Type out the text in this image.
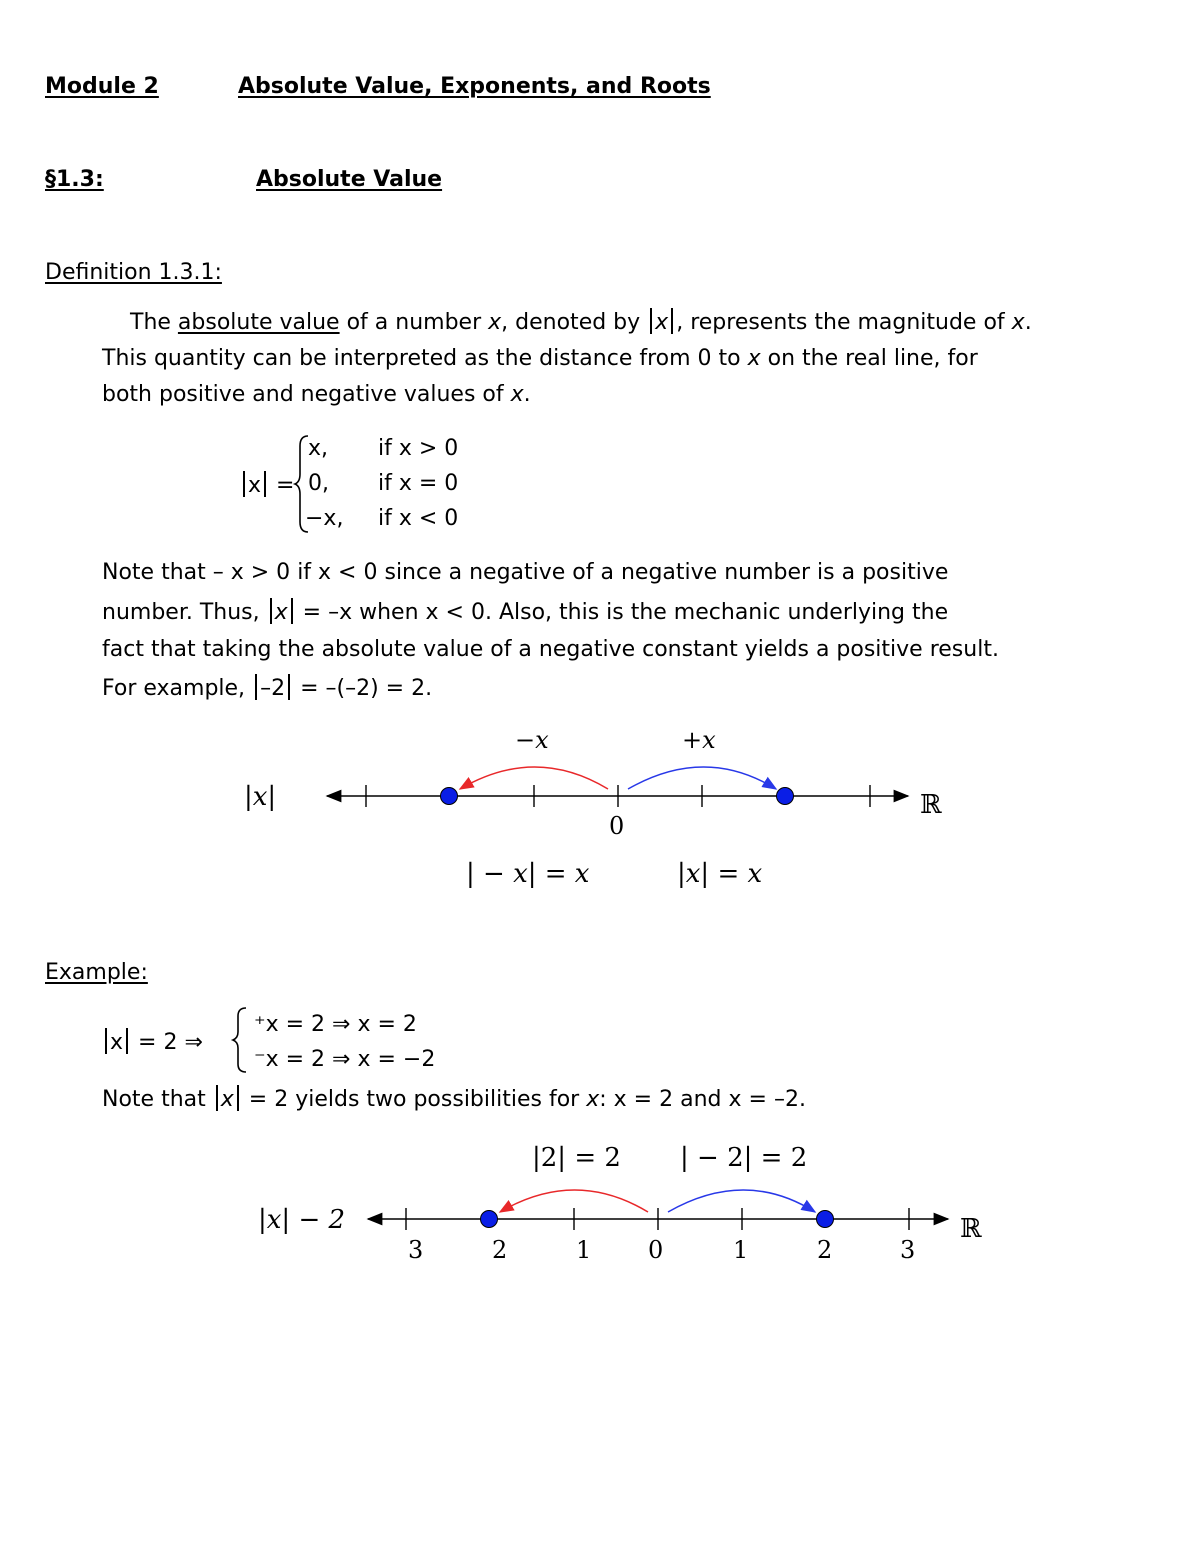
Module 2	Absolute Value, Exponents, and Roots
§1.3:	Absolute Value
Definition 1.3.1:
The absolute value of a number x, denoted by x , represents the magnitude of x.
This quantity can be interpreted as the distance from 0 to x on the real line, for
both positive and negative values of x.
x =
x, if x > 0
0, if x = 0
−x, if x < 0
Note that – x > 0 if x < 0 since a negative of a negative number is a positive
number. Thus, x = –x when x < 0. Also, this is the mechanic underlying the
fact that taking the absolute value of a negative constant yields a positive result.
For example, –2 = –(–2) = 2.
|x|
−x	+x
0
ℝ
| − x| = x	|x| = x
Example:
x = 2 ⇒
⁺x = 2 ⇒ x = 2
⁻x = 2 ⇒ x = −2
Note that x = 2 yields two possibilities for x: x = 2 and x = –2.
|2| = 2 | − 2| = 2
|x| − 2
3	2	1 0	1	2	3
ℝ
